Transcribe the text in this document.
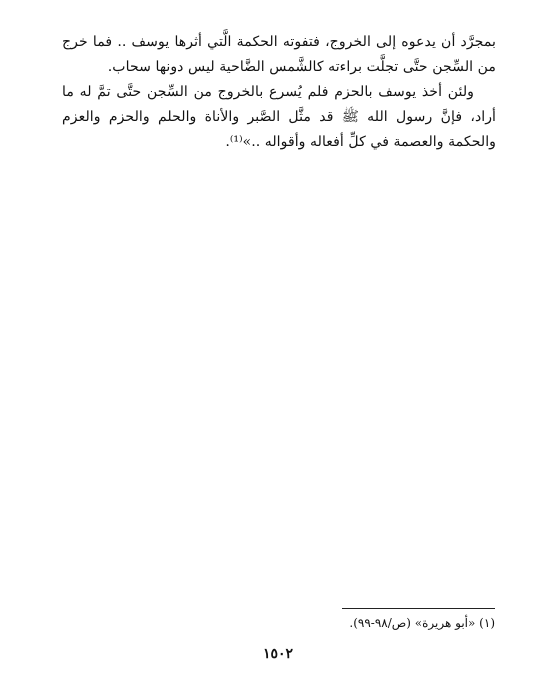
بمجرَّد أن يدعوه إلى الخروج، فتفوته الحكمة الَّتي أثرها يوسف .. فما خرج من السِّجن حتَّى تجلَّت براءته كالشَّمس الضَّاحية ليس دونها سحاب.

ولئن أخذ يوسف بالحزم فلم يُسرع بالخروج من السِّجن حتَّى تمَّ له ما أراد، فإنَّ رسول الله ﷺ قد مثَّل الصَّبر والأناة والحلم والحزم والعزم والحكمة والعصمة في كلِّ أفعاله وأقواله ..»⁽¹⁾.

(١) «أبو هريرة» (ص/٩٨-٩٩).
١٥٠٢
